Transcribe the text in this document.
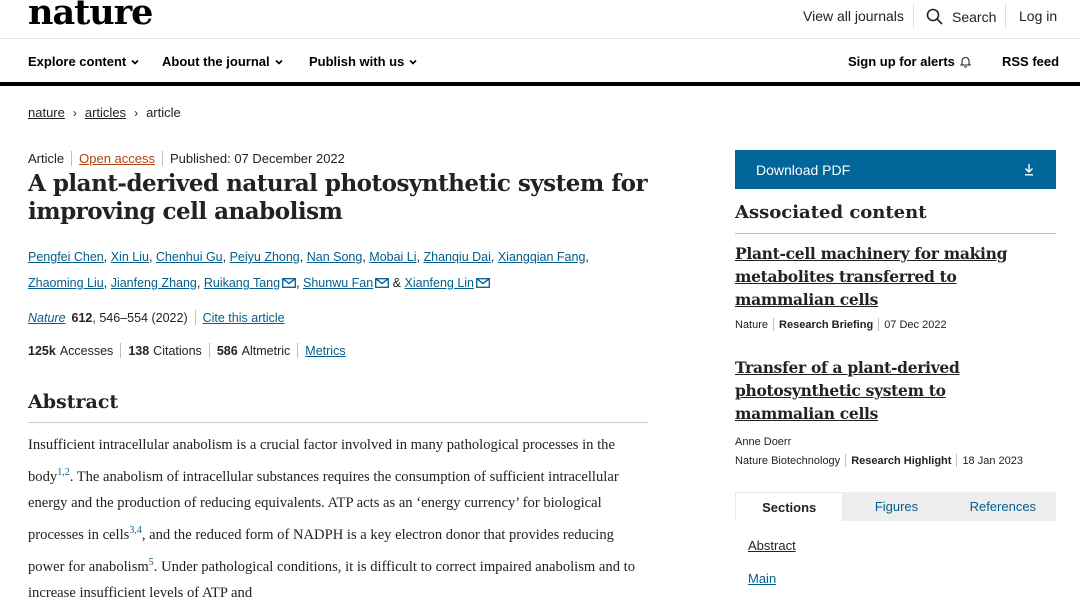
nature	View all journals	Search Log in
Explore content	About the journal	Publish with us	Sign up for alerts	RSS feed
nature › articles › article
Article Open access Published: 07 December 2022
A plant-derived natural photosynthetic system for improving cell anabolism
Pengfei Chen, Xin Liu, Chenhui Gu, Peiyu Zhong, Nan Song, Mobai Li, Zhanqiu Dai, Xiangqian Fang,
Zhaoming Liu, Jianfeng Zhang, Ruikang Tang , Shunwu Fan & Xianfeng Lin
Nature 612 , 546–554 (2022) Cite this article
125k Accesses 138 Citations 586 Altmetric Metrics
Abstract

Insufficient intracellular anabolism is a crucial factor involved in many pathological processes in the body$^{1,2}$. The anabolism of intracellular substances requires the consumption of sufficient intracellular energy and the production of reducing equivalents. ATP acts as an ‘energy currency’ for biological processes in cells$^{3,4}$, and the reduced form of NADPH is a key electron donor that provides reducing power for anabolism$^5$. Under pathological conditions, it is difficult to correct impaired anabolism and to increase insufficient levels of ATP and

Download PDF
Associated content
Plant-cell machinery for making metabolites transferred to mammalian cells
Nature Research Briefing 07 Dec 2022
Transfer of a plant-derived photosynthetic system to mammalian cells
Anne Doerr
Nature Biotechnology Research Highlight 18 Jan 2023
Sections	Figures	References
Abstract
Main
